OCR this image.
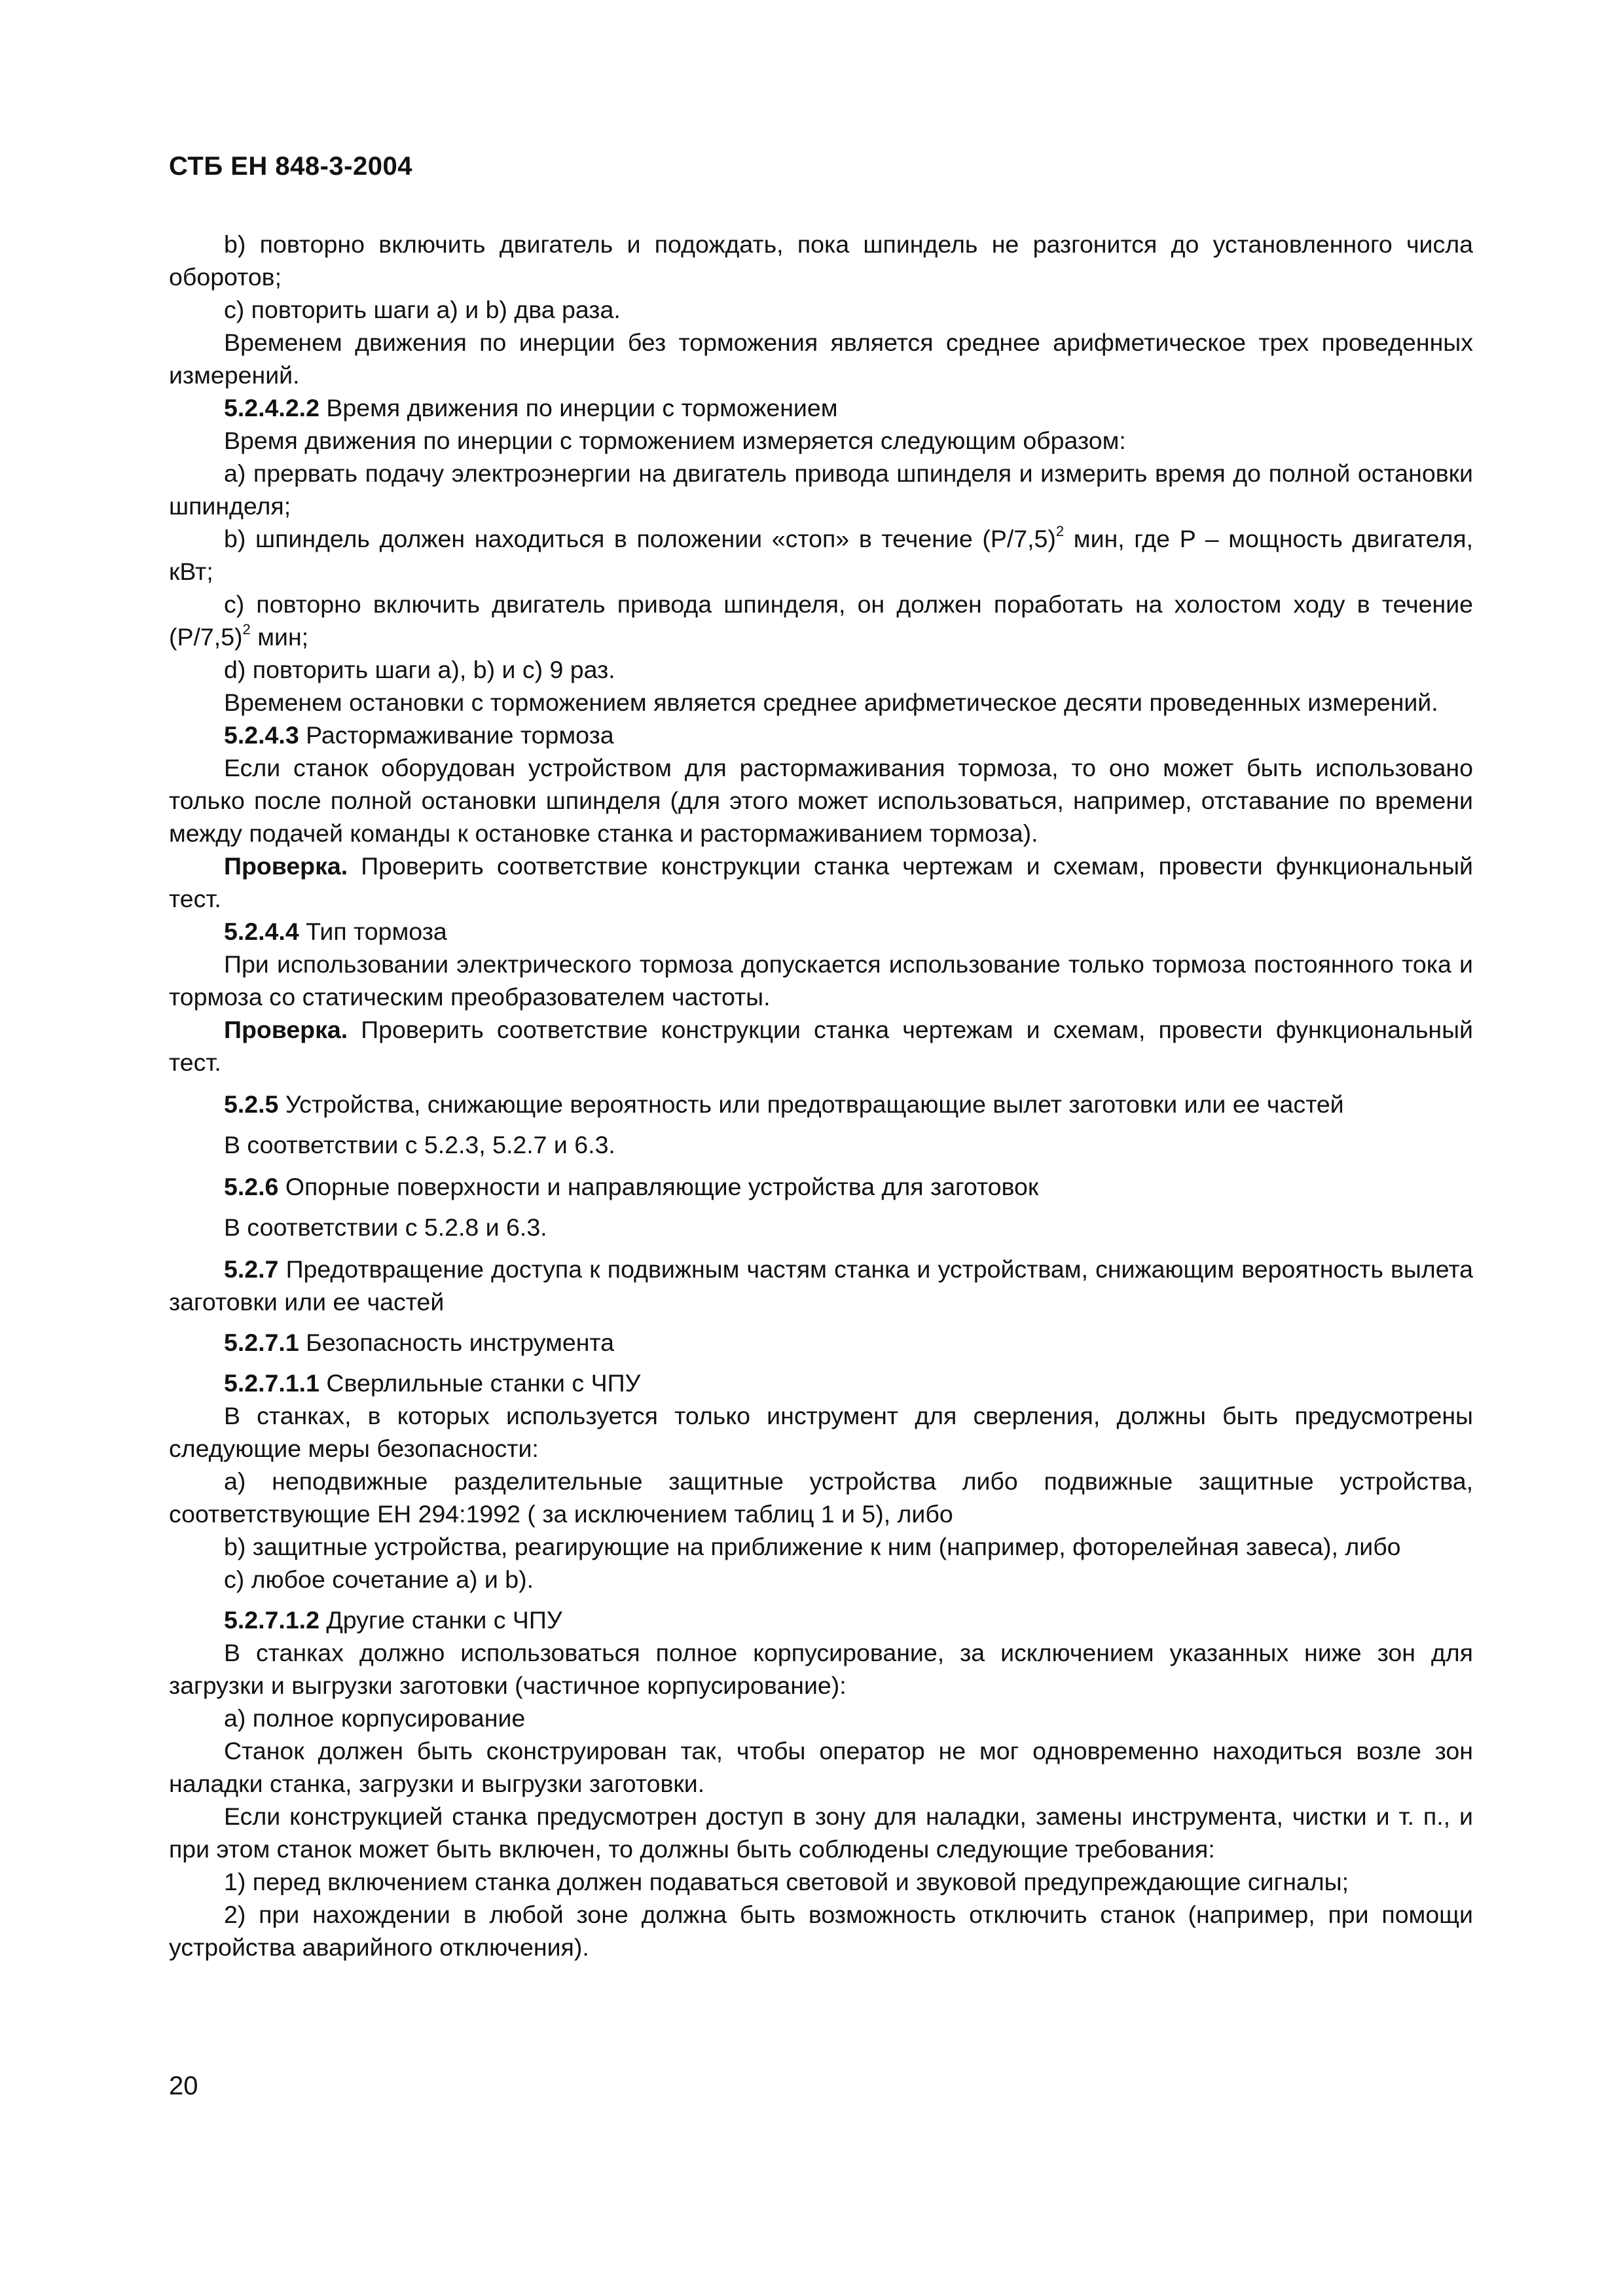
СТБ ЕН 848-3-2004

b) повторно включить двигатель и подождать, пока шпиндель не разгонится до установленного числа оборотов;

c) повторить шаги a) и b) два раза.

Временем движения по инерции без торможения является среднее арифметическое трех проведенных измерений.

5.2.4.2.2 Время движения по инерции с торможением

Время движения по инерции с торможением измеряется следующим образом:

a) прервать подачу электроэнергии на двигатель привода шпинделя и измерить время до полной остановки шпинделя;

b) шпиндель должен находиться в положении «стоп» в течение $(P/7,5)^2$ мин, где P – мощность двигателя, кВт;

c) повторно включить двигатель привода шпинделя, он должен поработать на холостом ходу в течение $(P/7,5)^2$ мин;

d) повторить шаги a), b) и c) 9 раз.

Временем остановки с торможением является среднее арифметическое десяти проведенных измерений.

5.2.4.3 Растормаживание тормоза

Если станок оборудован устройством для растормаживания тормоза, то оно может быть использовано только после полной остановки шпинделя (для этого может использоваться, например, отставание по времени между подачей команды к остановке станка и растормаживанием тормоза).

Проверка. Проверить соответствие конструкции станка чертежам и схемам, провести функциональный тест.

5.2.4.4 Тип тормоза

При использовании электрического тормоза допускается использование только тормоза постоянного тока и тормоза со статическим преобразователем частоты.

Проверка. Проверить соответствие конструкции станка чертежам и схемам, провести функциональный тест.

5.2.5 Устройства, снижающие вероятность или предотвращающие вылет заготовки или ее частей

В соответствии с 5.2.3, 5.2.7 и 6.3.

5.2.6 Опорные поверхности и направляющие устройства для заготовок

В соответствии с 5.2.8 и 6.3.

5.2.7 Предотвращение доступа к подвижным частям станка и устройствам, снижающим вероятность вылета заготовки или ее частей

5.2.7.1 Безопасность инструмента

5.2.7.1.1 Сверлильные станки с ЧПУ

В станках, в которых используется только инструмент для сверления, должны быть предусмотрены следующие меры безопасности:

a) неподвижные разделительные защитные устройства либо подвижные защитные устройства, соответствующие ЕН 294:1992 ( за исключением таблиц 1 и 5), либо

b) защитные устройства, реагирующие на приближение к ним (например, фоторелейная завеса), либо

c) любое сочетание a) и b).

5.2.7.1.2 Другие станки с ЧПУ

В станках должно использоваться полное корпусирование, за исключением указанных ниже зон для загрузки и выгрузки заготовки (частичное корпусирование):

a) полное корпусирование

Станок должен быть сконструирован так, чтобы оператор не мог одновременно находиться возле зон наладки станка, загрузки и выгрузки заготовки.

Если конструкцией станка предусмотрен доступ в зону для наладки, замены инструмента, чистки и т. п., и при этом станок может быть включен, то должны быть соблюдены следующие требования:

1) перед включением станка должен подаваться световой и звуковой предупреждающие сигналы;

2) при нахождении в любой зоне должна быть возможность отключить станок (например, при помощи устройства аварийного отключения).

20
